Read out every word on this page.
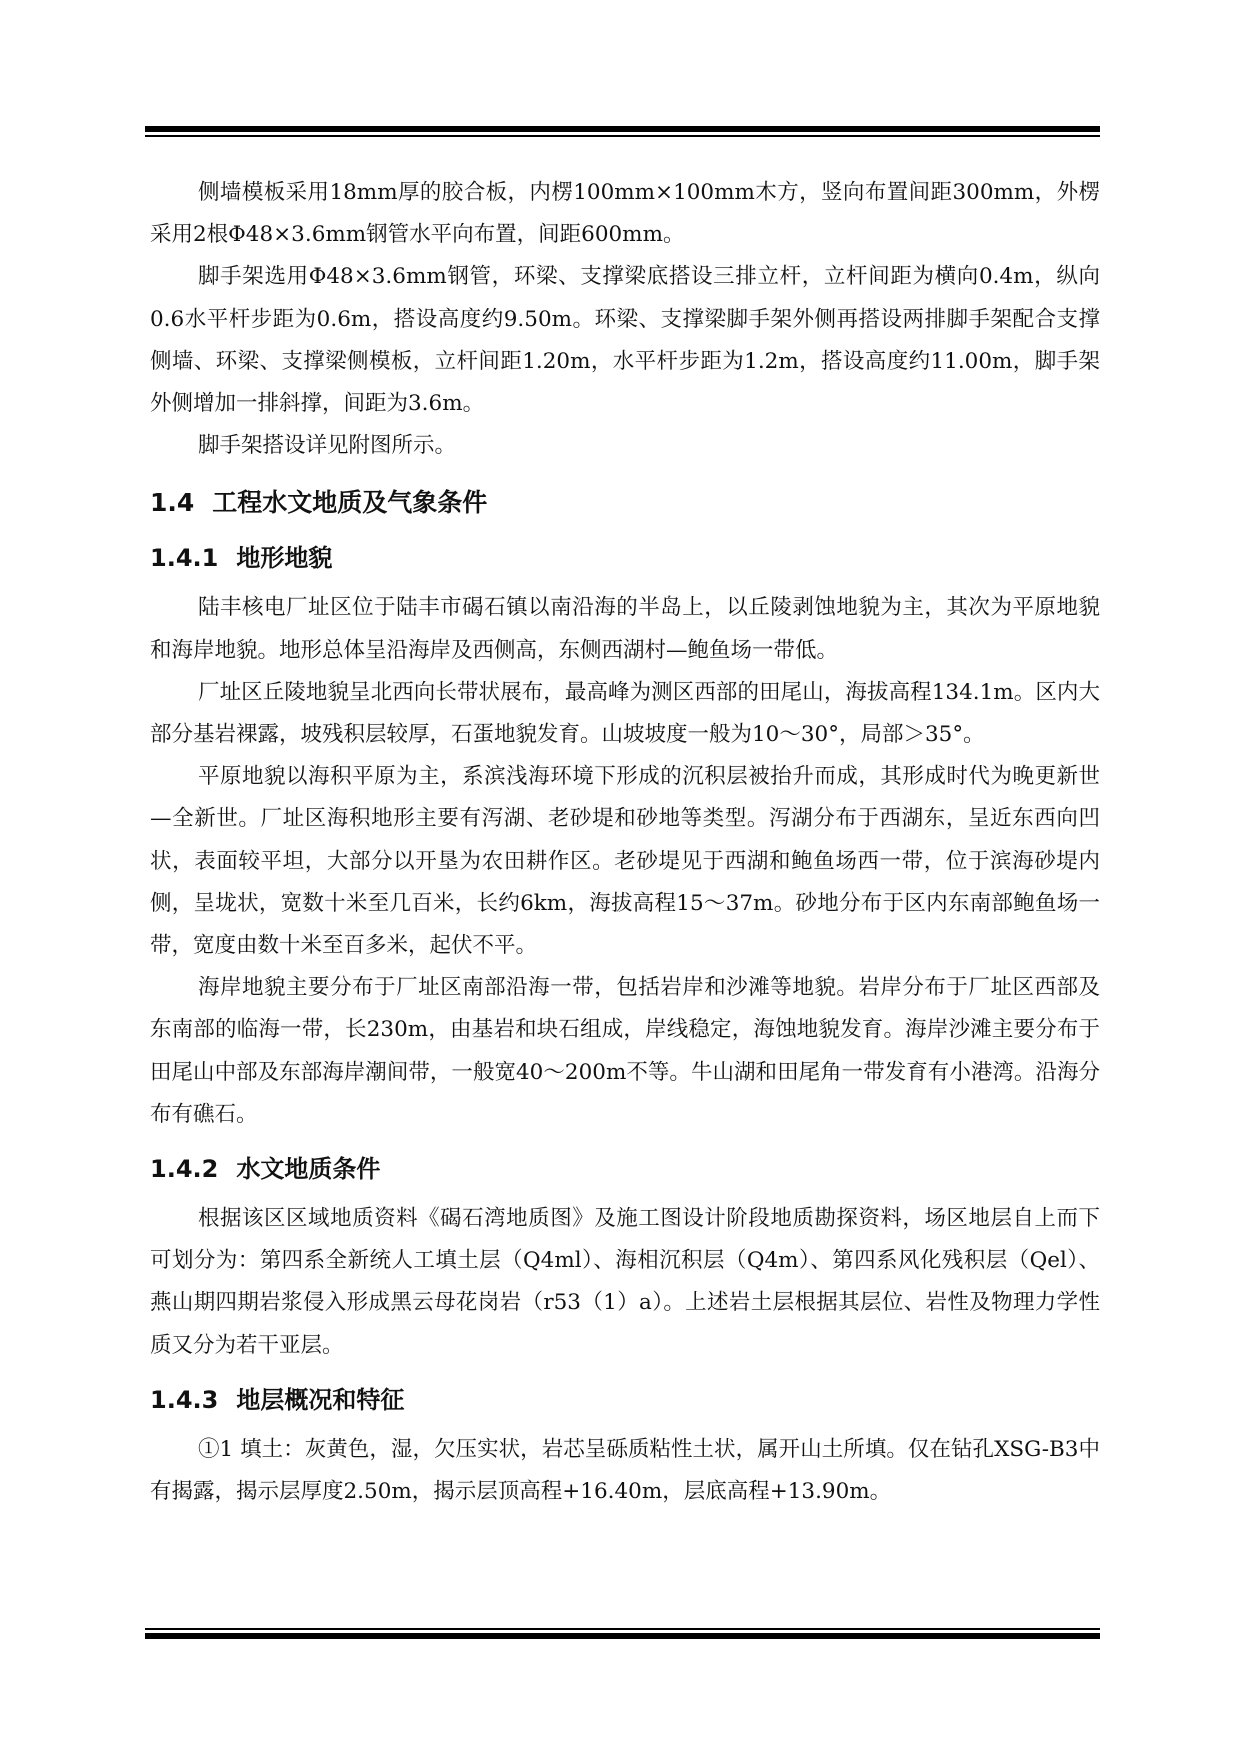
侧墙模板采用18mm厚的胶合板，内楞100mm×100mm木方，竖向布置间距300mm，外楞采用2根Φ48×3.6mm钢管水平向布置，间距600mm。

脚手架选用Φ48×3.6mm钢管，环梁、支撑梁底搭设三排立杆，立杆间距为横向0.4m，纵向0.6水平杆步距为0.6m，搭设高度约9.50m。环梁、支撑梁脚手架外侧再搭设两排脚手架配合支撑侧墙、环梁、支撑梁侧模板，立杆间距1.20m，水平杆步距为1.2m，搭设高度约11.00m，脚手架外侧增加一排斜撑，间距为3.6m。

脚手架搭设详见附图所示。

1.4 工程水文地质及气象条件
1.4.1 地形地貌

陆丰核电厂址区位于陆丰市碣石镇以南沿海的半岛上，以丘陵剥蚀地貌为主，其次为平原地貌和海岸地貌。地形总体呈沿海岸及西侧高，东侧西湖村—鲍鱼场一带低。

厂址区丘陵地貌呈北西向长带状展布，最高峰为测区西部的田尾山，海拔高程134.1m。区内大部分基岩裸露，坡残积层较厚，石蛋地貌发育。山坡坡度一般为10～30°，局部＞35°。

平原地貌以海积平原为主，系滨浅海环境下形成的沉积层被抬升而成，其形成时代为晚更新世—全新世。厂址区海积地形主要有泻湖、老砂堤和砂地等类型。泻湖分布于西湖东，呈近东西向凹状，表面较平坦，大部分以开垦为农田耕作区。老砂堤见于西湖和鲍鱼场西一带，位于滨海砂堤内侧，呈垅状，宽数十米至几百米，长约6km，海拔高程15～37m。砂地分布于区内东南部鲍鱼场一带，宽度由数十米至百多米，起伏不平。

海岸地貌主要分布于厂址区南部沿海一带，包括岩岸和沙滩等地貌。岩岸分布于厂址区西部及东南部的临海一带，长230m，由基岩和块石组成，岸线稳定，海蚀地貌发育。海岸沙滩主要分布于田尾山中部及东部海岸潮间带，一般宽40～200m不等。牛山湖和田尾角一带发育有小港湾。沿海分布有礁石。

1.4.2 水文地质条件

根据该区区域地质资料《碣石湾地质图》及施工图设计阶段地质勘探资料，场区地层自上而下可划分为：第四系全新统人工填土层（Q4ml）、海相沉积层（Q4m）、第四系风化残积层（Qel）、燕山期四期岩浆侵入形成黑云母花岗岩（r53（1）a）。上述岩土层根据其层位、岩性及物理力学性质又分为若干亚层。

1.4.3 地层概况和特征

①1 填土：灰黄色，湿，欠压实状，岩芯呈砾质粘性土状，属开山土所填。仅在钻孔XSG-B3中有揭露，揭示层厚度2.50m，揭示层顶高程+16.40m，层底高程+13.90m。
